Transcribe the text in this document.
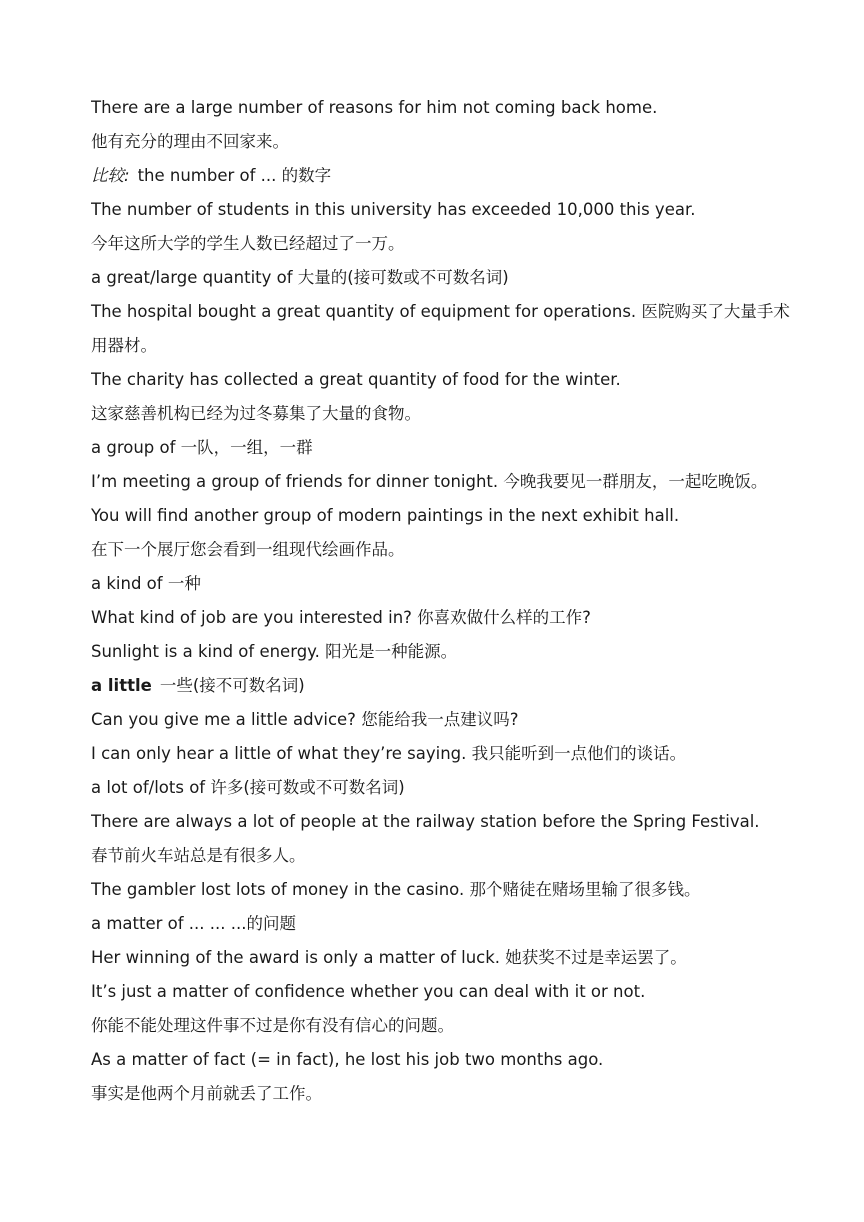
There are a large number of reasons for him not coming back home.
他有充分的理由不回家来。
比较: the number of ... 的数字
The number of students in this university has exceeded 10,000 this year.
今年这所大学的学生人数已经超过了一万。
a great/large quantity of 大量的(接可数或不可数名词)
The hospital bought a great quantity of equipment for operations. 医院购买了大量手术用器材。
The charity has collected a great quantity of food for the winter.
这家慈善机构已经为过冬募集了大量的食物。
a group of 一队，一组，一群
I’m meeting a group of friends for dinner tonight. 今晚我要见一群朋友，一起吃晚饭。
You will find another group of modern paintings in the next exhibit hall.
在下一个展厅您会看到一组现代绘画作品。
a kind of 一种
What kind of job are you interested in? 你喜欢做什么样的工作?
Sunlight is a kind of energy. 阳光是一种能源。
a little 一些(接不可数名词)
Can you give me a little advice? 您能给我一点建议吗?
I can only hear a little of what they’re saying. 我只能听到一点他们的谈话。
a lot of/lots of 许多(接可数或不可数名词)
There are always a lot of people at the railway station before the Spring Festival.
春节前火车站总是有很多人。
The gambler lost lots of money in the casino. 那个赌徒在赌场里输了很多钱。
a matter of ... ... ...的问题
Her winning of the award is only a matter of luck. 她获奖不过是幸运罢了。
It’s just a matter of confidence whether you can deal with it or not.
你能不能处理这件事不过是你有没有信心的问题。
As a matter of fact (= in fact), he lost his job two months ago.
事实是他两个月前就丢了工作。
